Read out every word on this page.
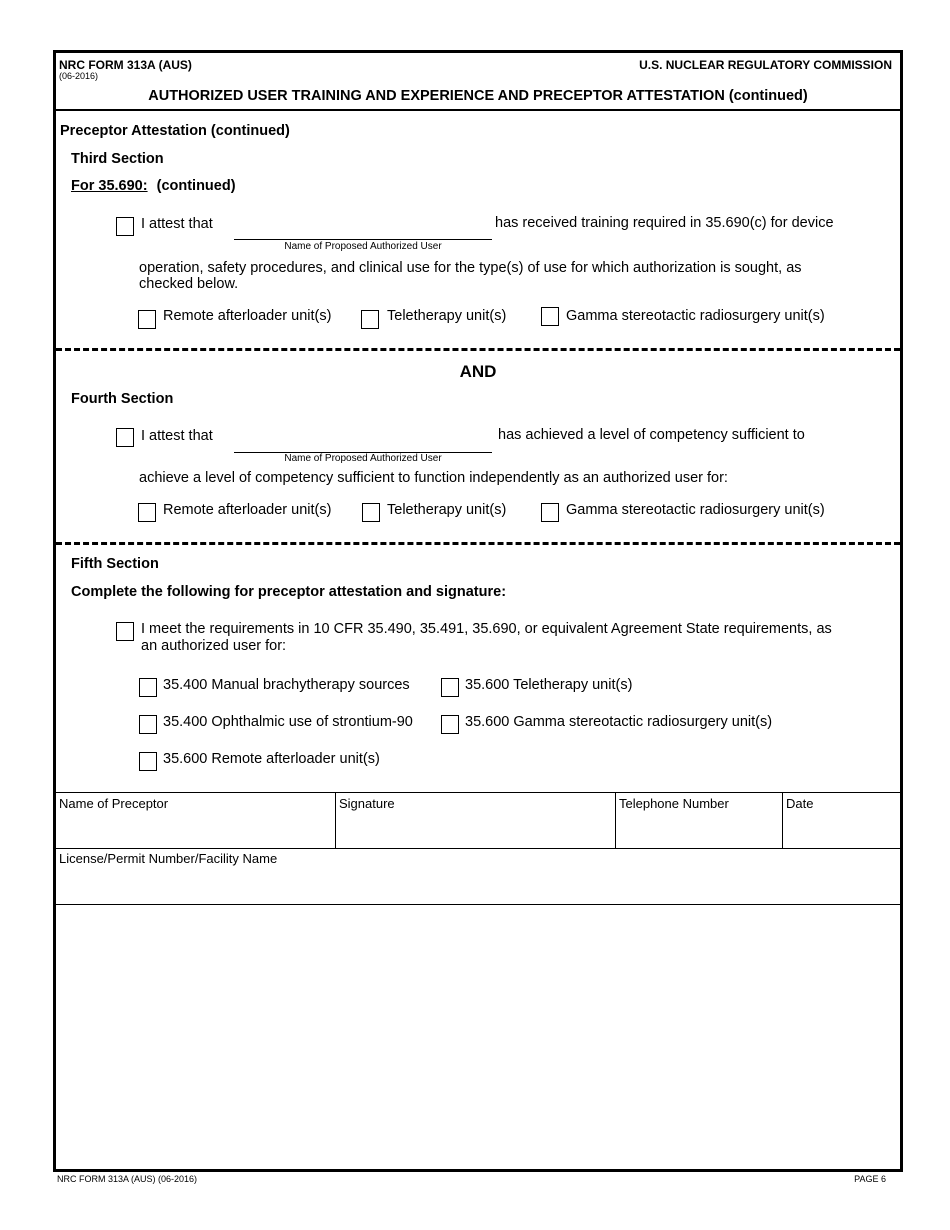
NRC FORM 313A (AUS)
(06-2016)
U.S. NUCLEAR REGULATORY COMMISSION
AUTHORIZED USER TRAINING AND EXPERIENCE AND PRECEPTOR ATTESTATION (continued)
Preceptor Attestation (continued)
Third Section
For 35.690: (continued)
I attest that
Name of Proposed Authorized User
has received training required in 35.690(c) for device
operation, safety procedures, and clinical use for the type(s) of use for which authorization is sought, as
checked below.
Remote afterloader unit(s)	Teletherapy unit(s)	Gamma stereotactic radiosurgery unit(s)
AND
Fourth Section
I attest that
Name of Proposed Authorized User
has achieved a level of competency sufficient to
achieve a level of competency sufficient to function independently as an authorized user for:
Remote afterloader unit(s)	Teletherapy unit(s)	Gamma stereotactic radiosurgery unit(s)
Fifth Section
Complete the following for preceptor attestation and signature:
I meet the requirements in 10 CFR 35.490, 35.491, 35.690, or equivalent Agreement State requirements, as
an authorized user for:
35.400 Manual brachytherapy sources	35.600 Teletherapy unit(s)
35.400 Ophthalmic use of strontium-90	35.600 Gamma stereotactic radiosurgery unit(s)
35.600 Remote afterloader unit(s)
Name of Preceptor	Signature	Telephone Number	Date
License/Permit Number/Facility Name
NRC FORM 313A (AUS) (06-2016)	PAGE 6
